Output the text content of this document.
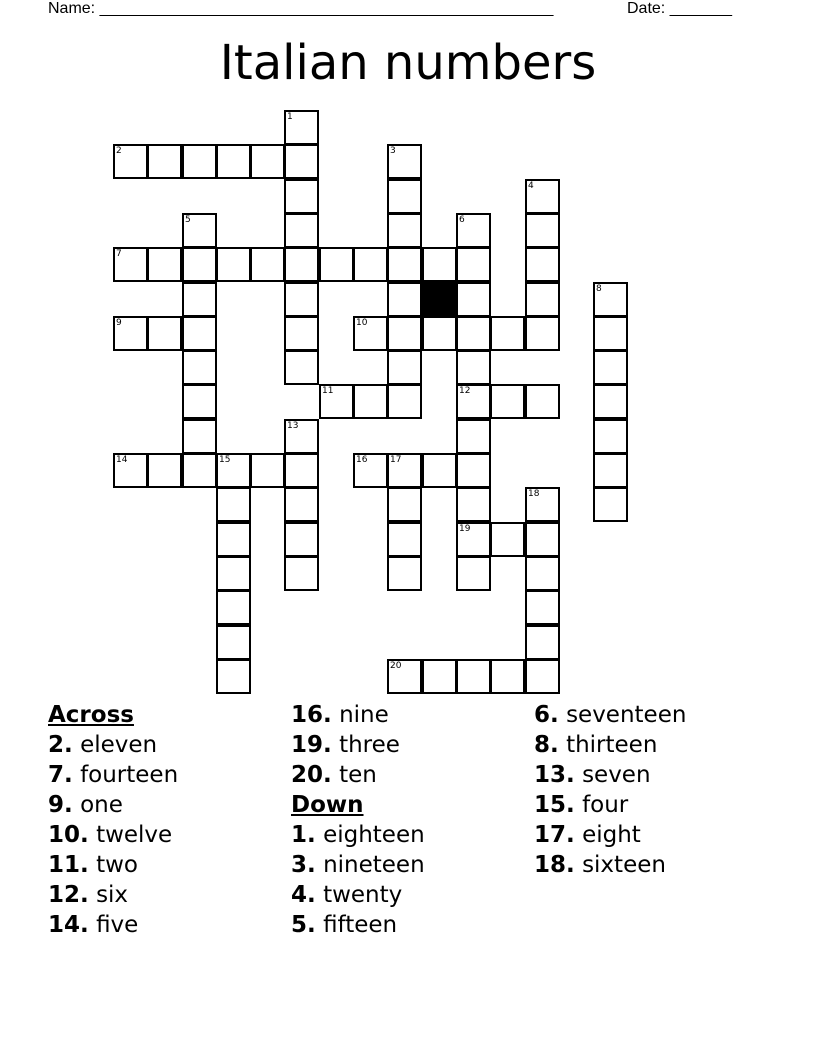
Name: ___________________________________________________	Date: _______
Italian numbers
1
2	3
4
5	6
7
8
9	10
11	12
13
14	15	16	17
18
19
20
Across
2. eleven
7. fourteen
9. one
10. twelve
11. two
12. six
14. five
16. nine
19. three
20. ten
Down
1. eighteen
3. nineteen
4. twenty
5. fifteen
6. seventeen
8. thirteen
13. seven
15. four
17. eight
18. sixteen
